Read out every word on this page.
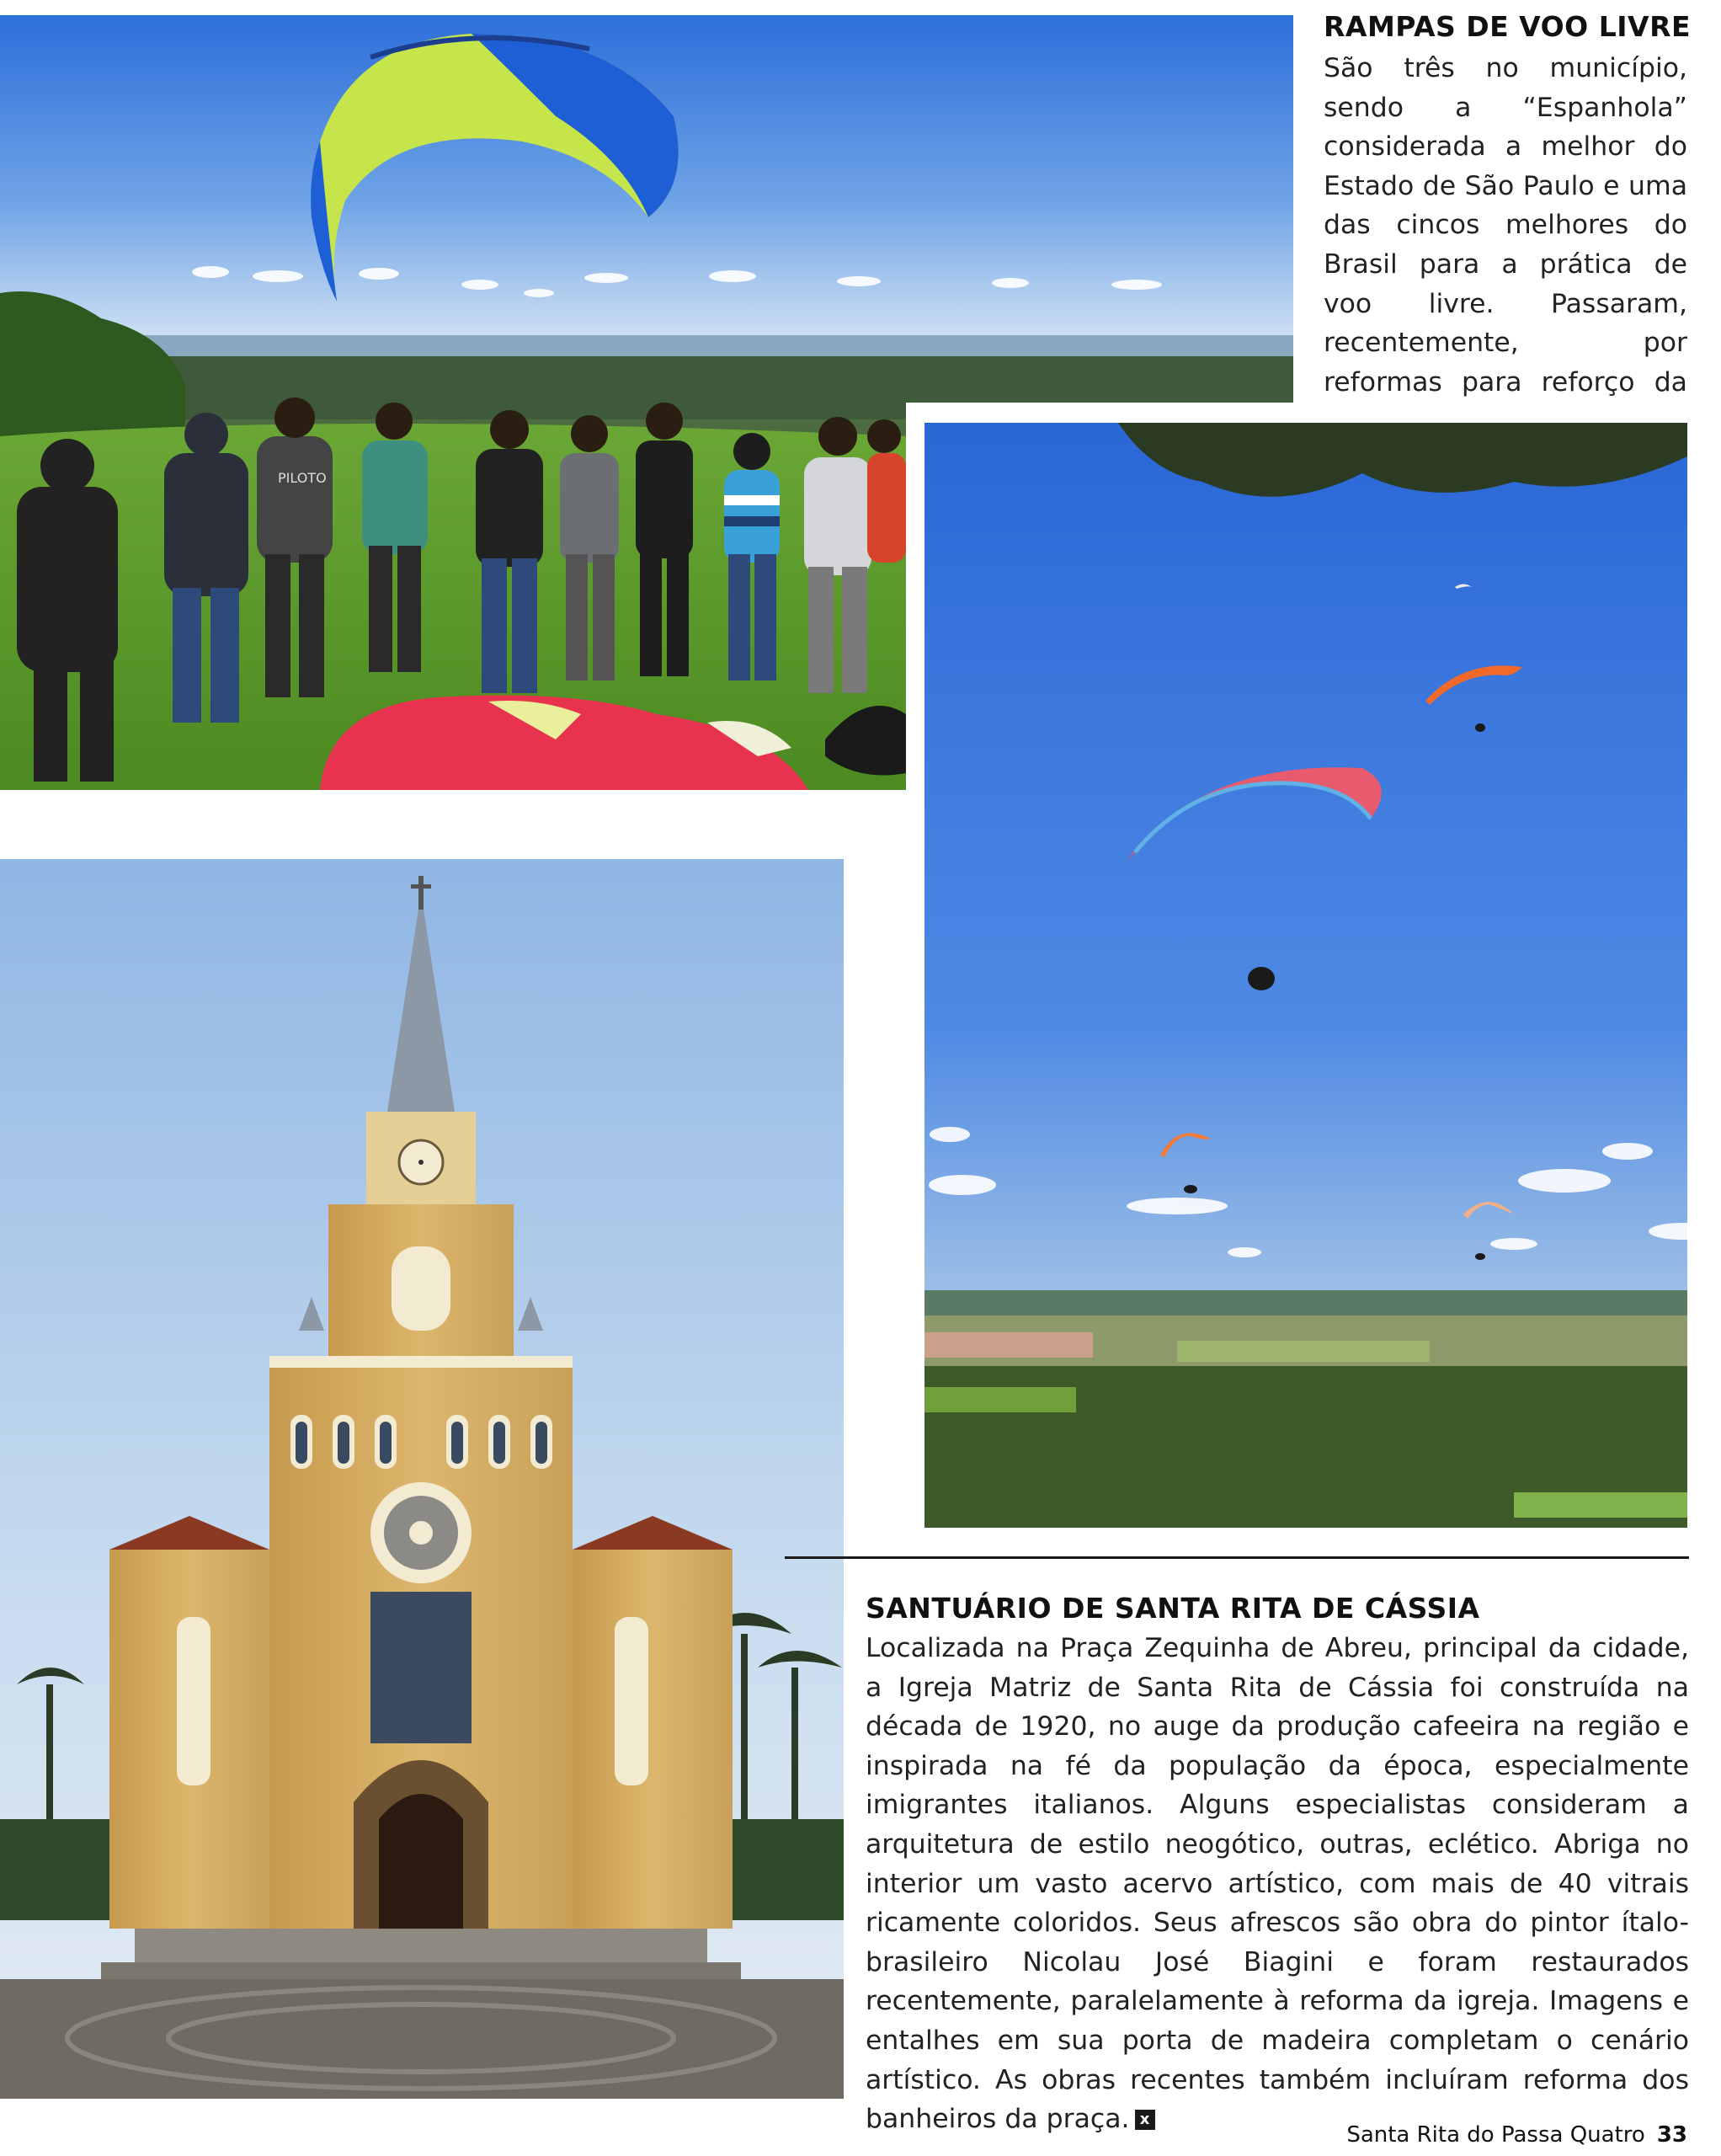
PILOTO
RAMPAS DE VOO LIVRE

São três no município, sendo a “Espanhola” considerada a melhor do Estado de São Paulo e uma das cincos melhores do Brasil para a prática de voo livre. Passaram, recentemente, por reformas para reforço da

SANTUÁRIO DE SANTA RITA DE CÁSSIA

Localizada na Praça Zequinha de Abreu, principal da cidade, a Igreja Matriz de Santa Rita de Cássia foi construída na década de 1920, no auge da produção cafeeira na região e inspirada na fé da população da época, especialmente imigrantes italianos. Alguns especialistas consideram a arquitetura de estilo neogótico, outras, eclético. Abriga no interior um vasto acervo artístico, com mais de 40 vitrais ricamente coloridos. Seus afrescos são obra do pintor ítalo-brasileiro Nicolau José Biagini e foram restaurados recentemente, paralelamente à reforma da igreja. Imagens e entalhes em sua porta de madeira completam o cenário artístico. As obras recentes também incluíram reforma dos banheiros da praça. x

Santa Rita do Passa Quatro 33
